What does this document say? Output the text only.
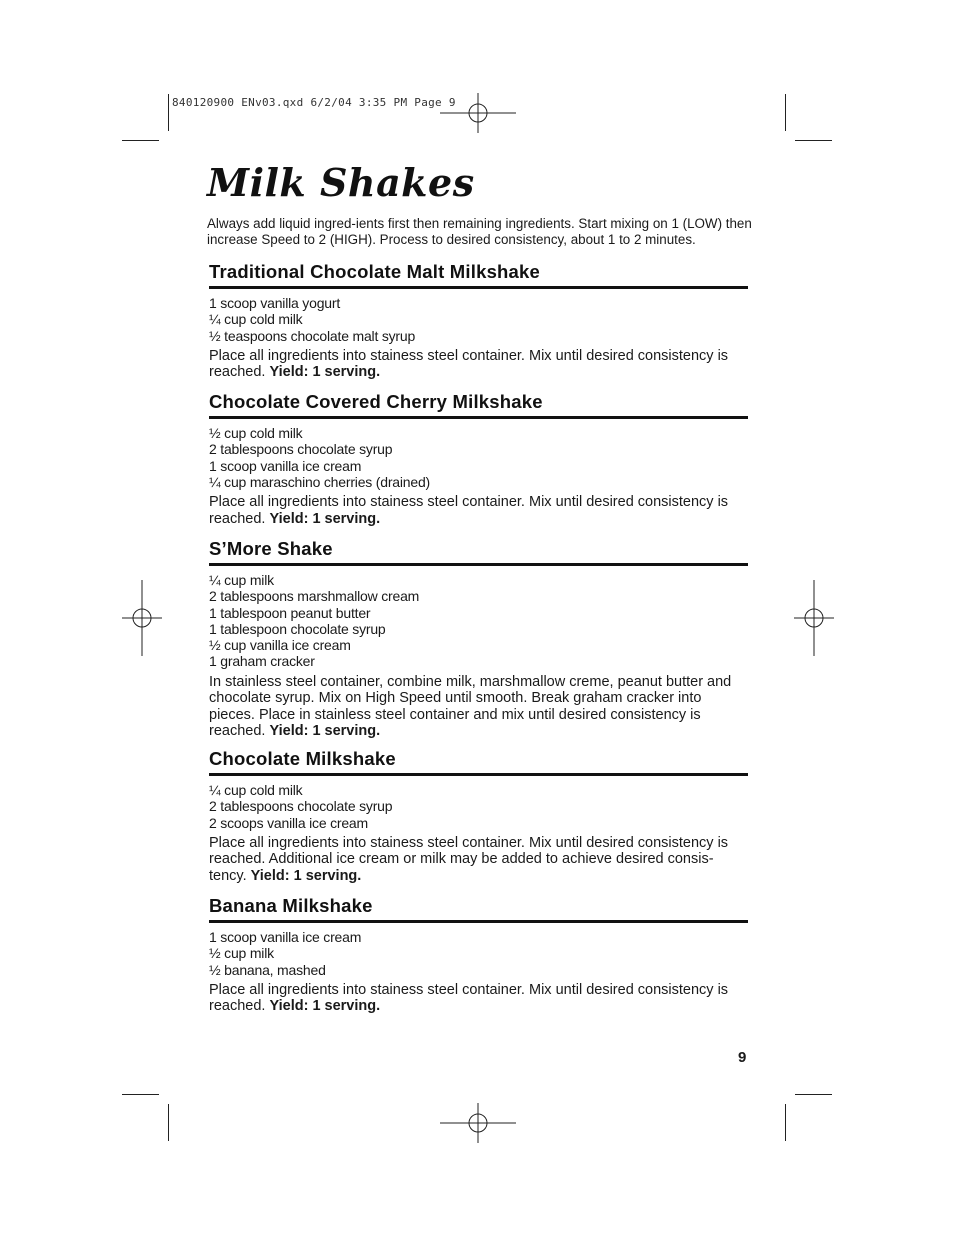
840120900 ENv03.qxd 6/2/04 3:35 PM Page 9
Milk Shakes

Always add liquid ingred-ients first then remaining ingredients. Start mixing on 1 (LOW) then increase Speed to 2 (HIGH). Process to desired consistency, about 1 to 2 minutes.

Traditional Chocolate Malt Milkshake
1 scoop vanilla yogurt
¼ cup cold milk
½ teaspoons chocolate malt syrup

Place all ingredients into stainess steel container. Mix until desired consistency is reached. Yield: 1 serving.

Chocolate Covered Cherry Milkshake
½ cup cold milk
2 tablespoons chocolate syrup
1 scoop vanilla ice cream
¼ cup maraschino cherries (drained)

Place all ingredients into stainess steel container. Mix until desired consistency is reached. Yield: 1 serving.

S’More Shake
¼ cup milk
2 tablespoons marshmallow cream
1 tablespoon peanut butter
1 tablespoon chocolate syrup
½ cup vanilla ice cream
1 graham cracker

In stainless steel container, combine milk, marshmallow creme, peanut butter and chocolate syrup. Mix on High Speed until smooth. Break graham cracker into pieces. Place in stainless steel container and mix until desired consistency is reached. Yield: 1 serving.

Chocolate Milkshake
¼ cup cold milk
2 tablespoons chocolate syrup
2 scoops vanilla ice cream

Place all ingredients into stainess steel container. Mix until desired consistency is reached. Additional ice cream or milk may be added to achieve desired consis- tency. Yield: 1 serving.

Banana Milkshake
1 scoop vanilla ice cream
½ cup milk
½ banana, mashed

Place all ingredients into stainess steel container. Mix until desired consistency is reached. Yield: 1 serving.

9
